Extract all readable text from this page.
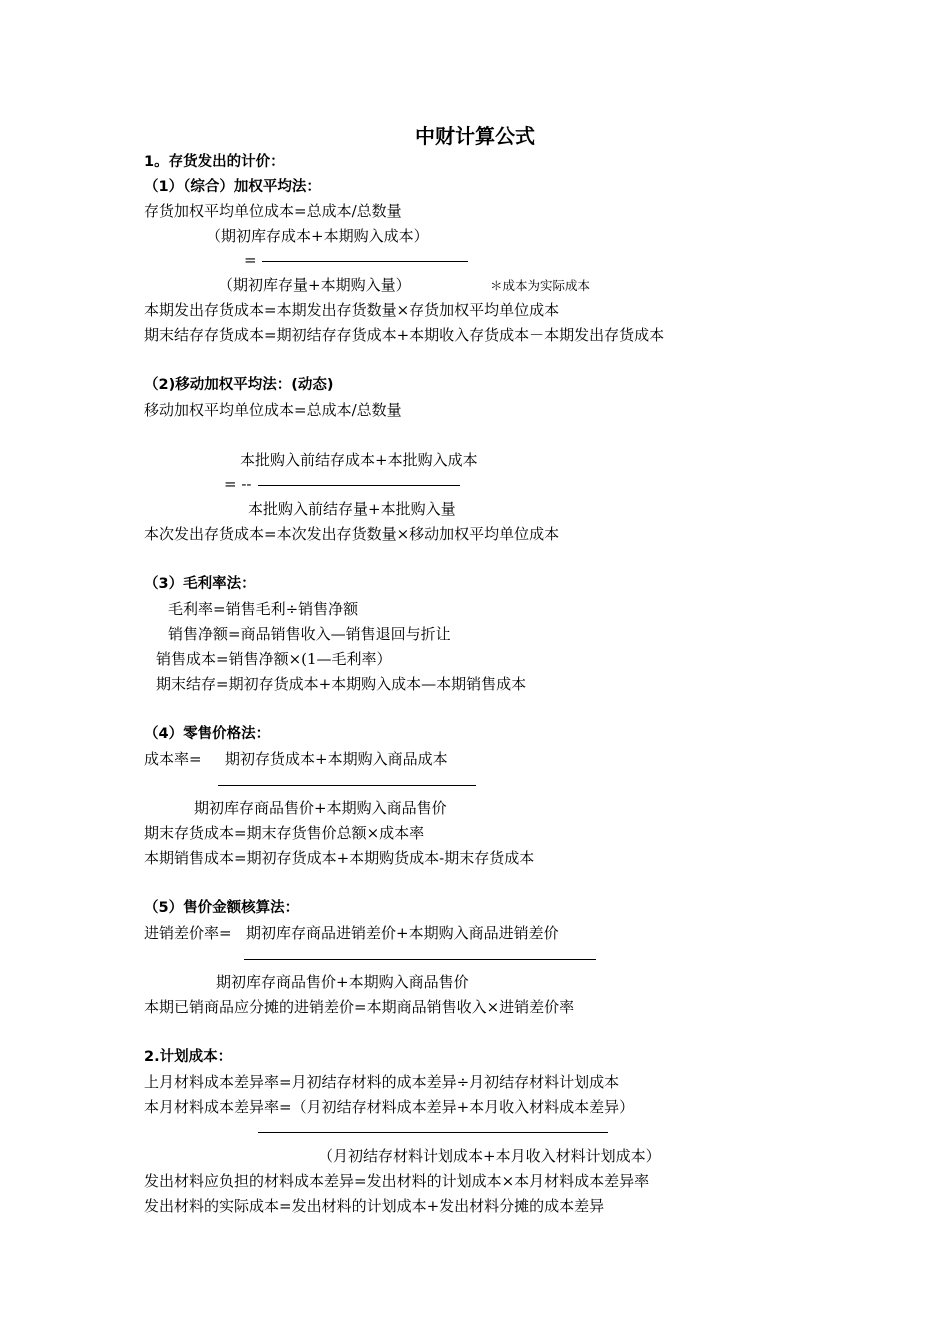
中财计算公式
1。存货发出的计价：
（1）（综合）加权平均法：
存货加权平均单位成本=总成本/总数量
（期初库存成本+本期购入成本）
=
（期初库存量+本期购入量）	＊成本为实际成本
本期发出存货成本=本期发出存货数量×存货加权平均单位成本
期末结存存货成本=期初结存存货成本+本期收入存货成本－本期发出存货成本
（2)移动加权平均法：(动态)
移动加权平均单位成本=总成本/总数量
本批购入前结存成本+本批购入成本
= --
本批购入前结存量+本批购入量
本次发出存货成本=本次发出存货数量×移动加权平均单位成本
（3）毛利率法：
毛利率=销售毛利÷销售净额
销售净额=商品销售收入—销售退回与折让
销售成本=销售净额×(1—毛利率）
期末结存=期初存货成本+本期购入成本—本期销售成本
（4）零售价格法：
成本率= 期初存货成本+本期购入商品成本
期初库存商品售价+本期购入商品售价
期末存货成本=期末存货售价总额×成本率
本期销售成本=期初存货成本+本期购货成本-期末存货成本
（5）售价金额核算法：
进销差价率= 期初库存商品进销差价+本期购入商品进销差价
期初库存商品售价+本期购入商品售价
本期已销商品应分摊的进销差价=本期商品销售收入×进销差价率
2.计划成本：
上月材料成本差异率=月初结存材料的成本差异÷月初结存材料计划成本
本月材料成本差异率=（月初结存材料成本差异+本月收入材料成本差异）
（月初结存材料计划成本+本月收入材料计划成本）
发出材料应负担的材料成本差异=发出材料的计划成本×本月材料成本差异率
发出材料的实际成本=发出材料的计划成本+发出材料分摊的成本差异
